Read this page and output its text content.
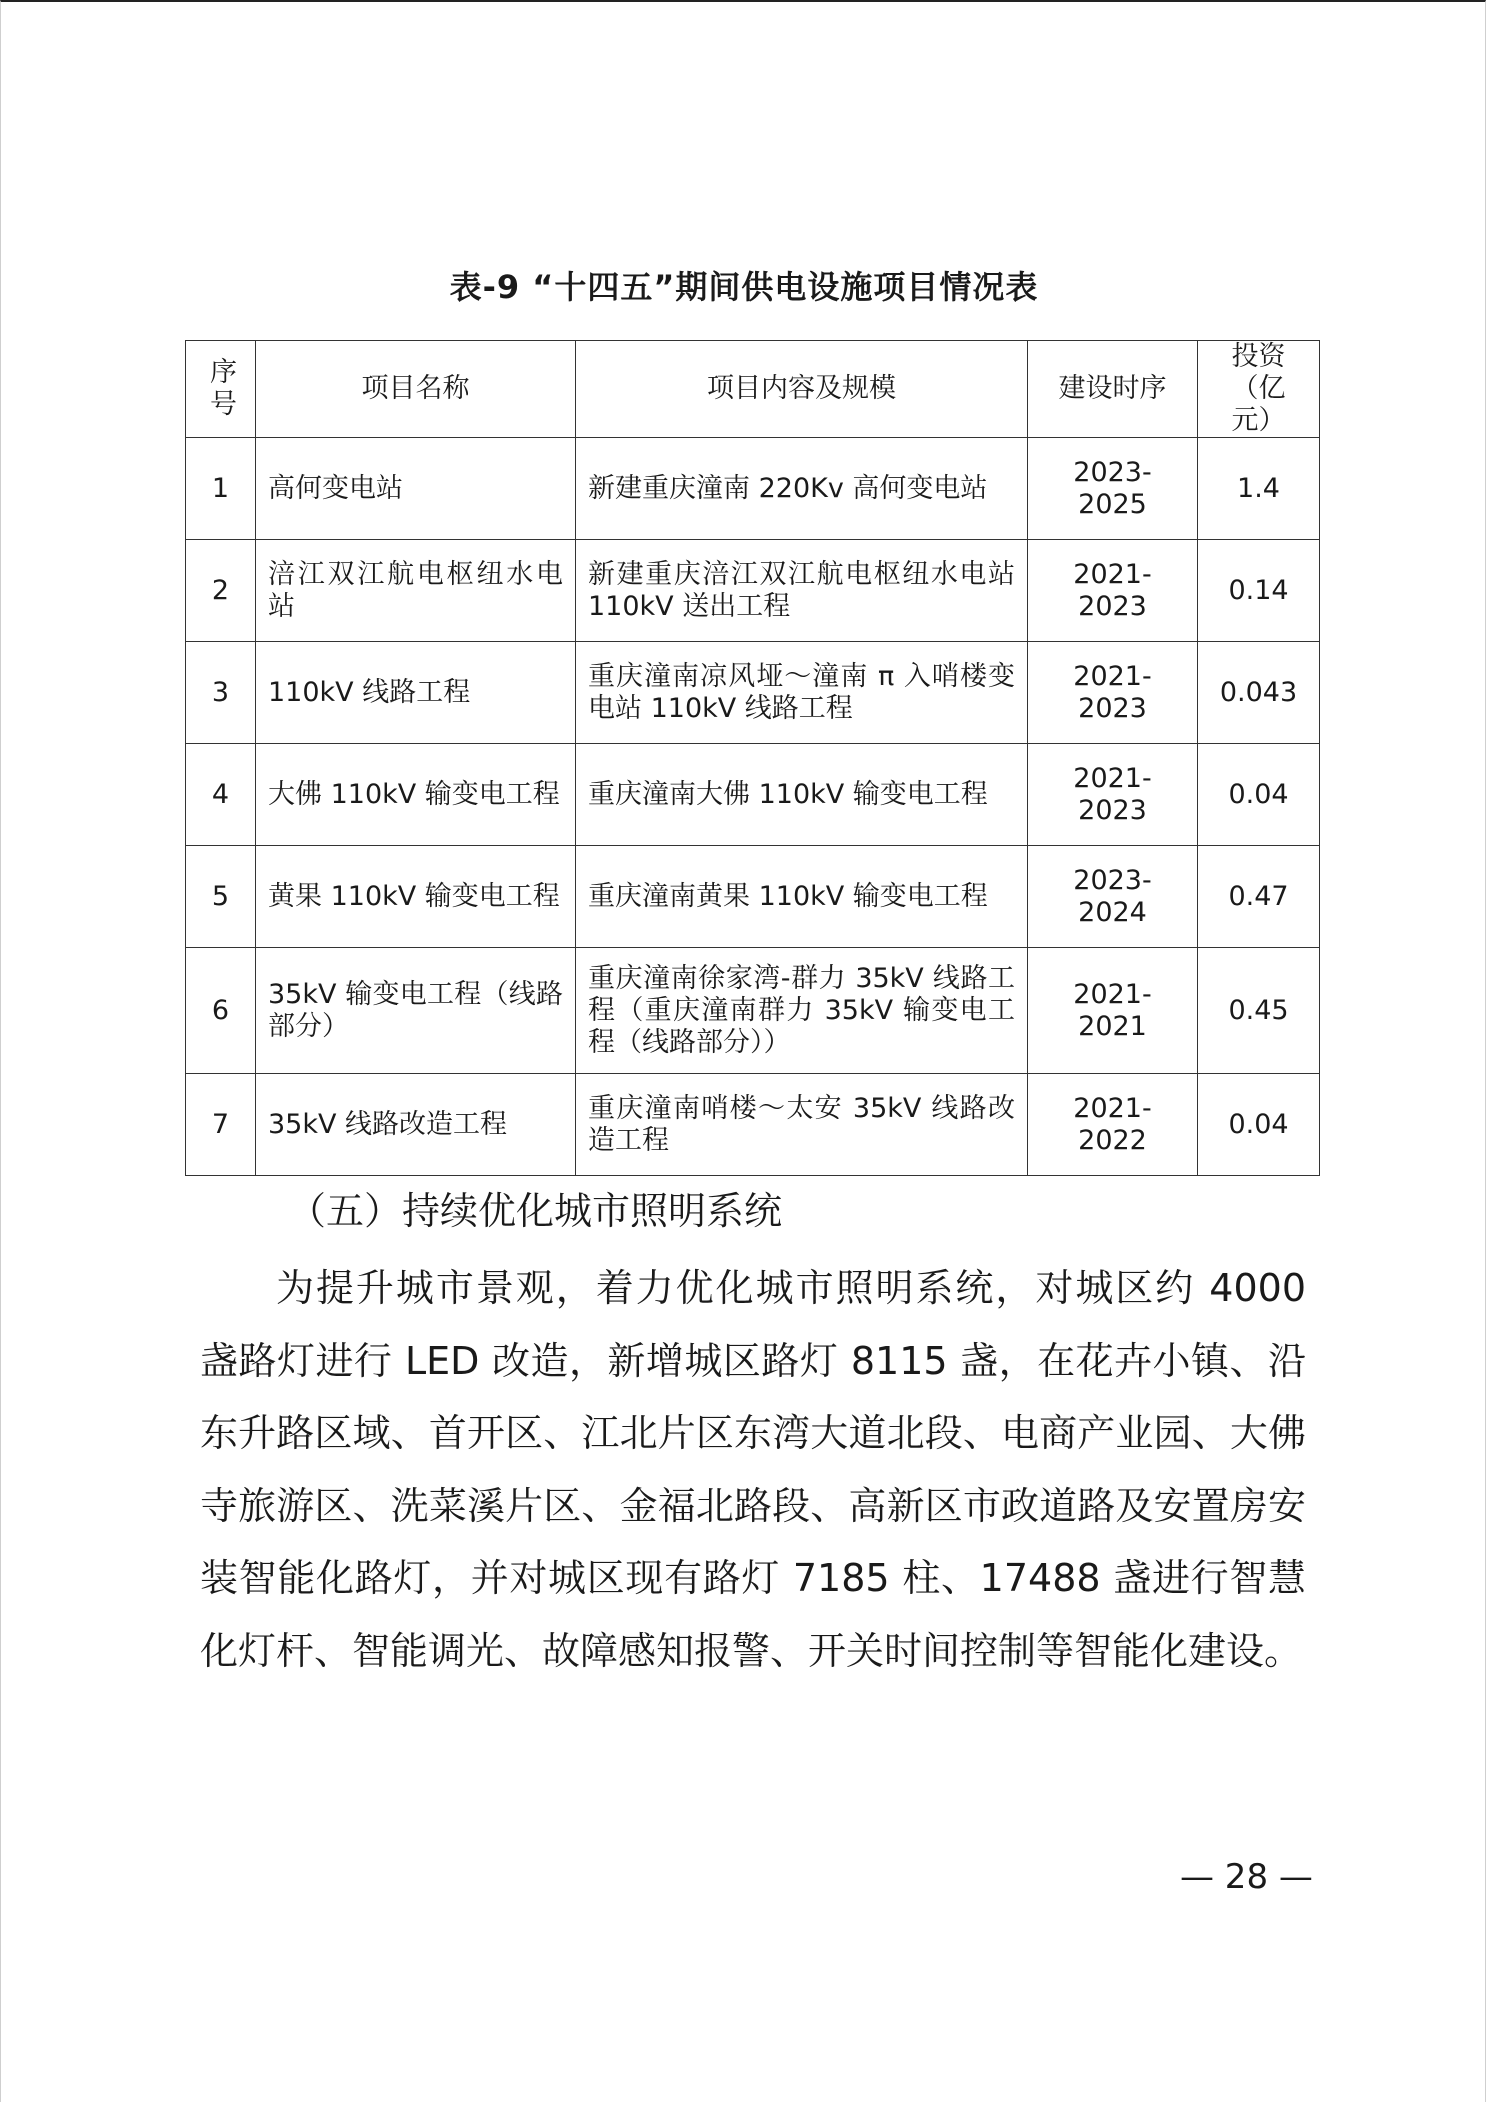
表-9 “十四五”期间供电设施项目情况表
序号	项目名称	项目内容及规模	建设时序	投资（亿元）
1	高何变电站	新建重庆潼南 220Kv 高何变电站	2023-2025	1.4
2	涪江双江航电枢纽水电站	新建重庆涪江双江航电枢纽水电站 110kV 送出工程	2021-2023	0.14
3	110kV 线路工程	重庆潼南凉风垭～潼南 π 入哨楼变电站 110kV 线路工程	2021-2023	0.043
4	大佛 110kV 输变电工程	重庆潼南大佛 110kV 输变电工程	2021-2023	0.04
5	黄果 110kV 输变电工程	重庆潼南黄果 110kV 输变电工程	2023-2024	0.47
6	35kV 输变电工程（线路部分）	重庆潼南徐家湾-群力 35kV 线路工程（重庆潼南群力 35kV 输变电工程（线路部分））	2021-2021	0.45
7	35kV 线路改造工程	重庆潼南哨楼～太安 35kV 线路改造工程	2021-2022	0.04
（五）持续优化城市照明系统

为提升城市景观，着力优化城市照明系统，对城区约 4000 盏路灯进行 LED 改造，新增城区路灯 8115 盏，在花卉小镇、沿东升路区域、首开区、江北片区东湾大道北段、电商产业园、大佛寺旅游区、洗菜溪片区、金福北路段、高新区市政道路及安置房安装智能化路灯，并对城区现有路灯 7185 柱、17488 盏进行智慧化灯杆、智能调光、故障感知报警、开关时间控制等智能化建设。

— 28 —
